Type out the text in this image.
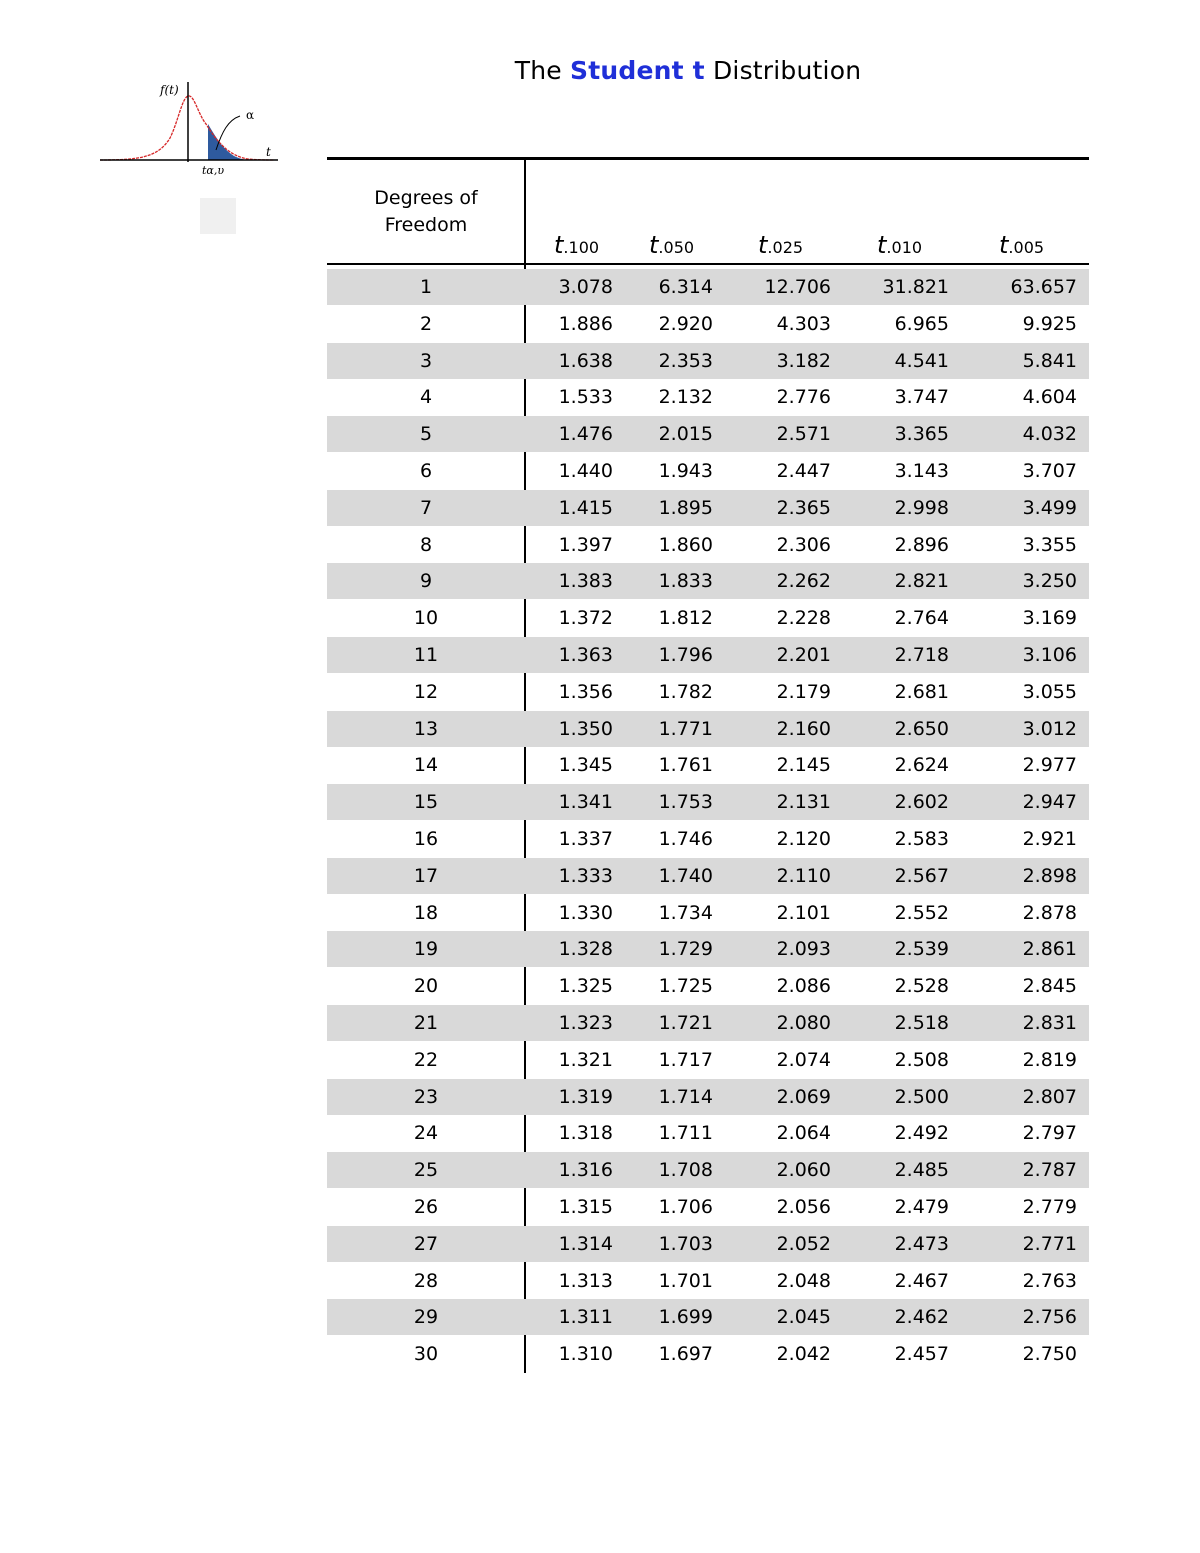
The Student t Distribution
f(t)
α
t
tα,υ
Degrees of
Freedom
t.100 t.050	t.025	t.010	t.005
1	3.078 6.314	12.706	31.821	63.657
2	1.886 2.920	4.303	6.965	9.925
3	1.638 2.353	3.182	4.541	5.841
4	1.533 2.132	2.776	3.747	4.604
5	1.476 2.015	2.571	3.365	4.032
6	1.440 1.943	2.447	3.143	3.707
7	1.415 1.895	2.365	2.998	3.499
8	1.397 1.860	2.306	2.896	3.355
9	1.383 1.833	2.262	2.821	3.250
10	1.372 1.812	2.228	2.764	3.169
11	1.363 1.796	2.201	2.718	3.106
12	1.356 1.782	2.179	2.681	3.055
13	1.350 1.771	2.160	2.650	3.012
14	1.345 1.761	2.145	2.624	2.977
15	1.341 1.753	2.131	2.602	2.947
16	1.337 1.746	2.120	2.583	2.921
17	1.333 1.740	2.110	2.567	2.898
18	1.330 1.734	2.101	2.552	2.878
19	1.328 1.729	2.093	2.539	2.861
20	1.325 1.725	2.086	2.528	2.845
21	1.323 1.721	2.080	2.518	2.831
22	1.321 1.717	2.074	2.508	2.819
23	1.319 1.714	2.069	2.500	2.807
24	1.318 1.711	2.064	2.492	2.797
25	1.316 1.708	2.060	2.485	2.787
26	1.315 1.706	2.056	2.479	2.779
27	1.314 1.703	2.052	2.473	2.771
28	1.313 1.701	2.048	2.467	2.763
29	1.311 1.699	2.045	2.462	2.756
30	1.310 1.697	2.042	2.457	2.750
